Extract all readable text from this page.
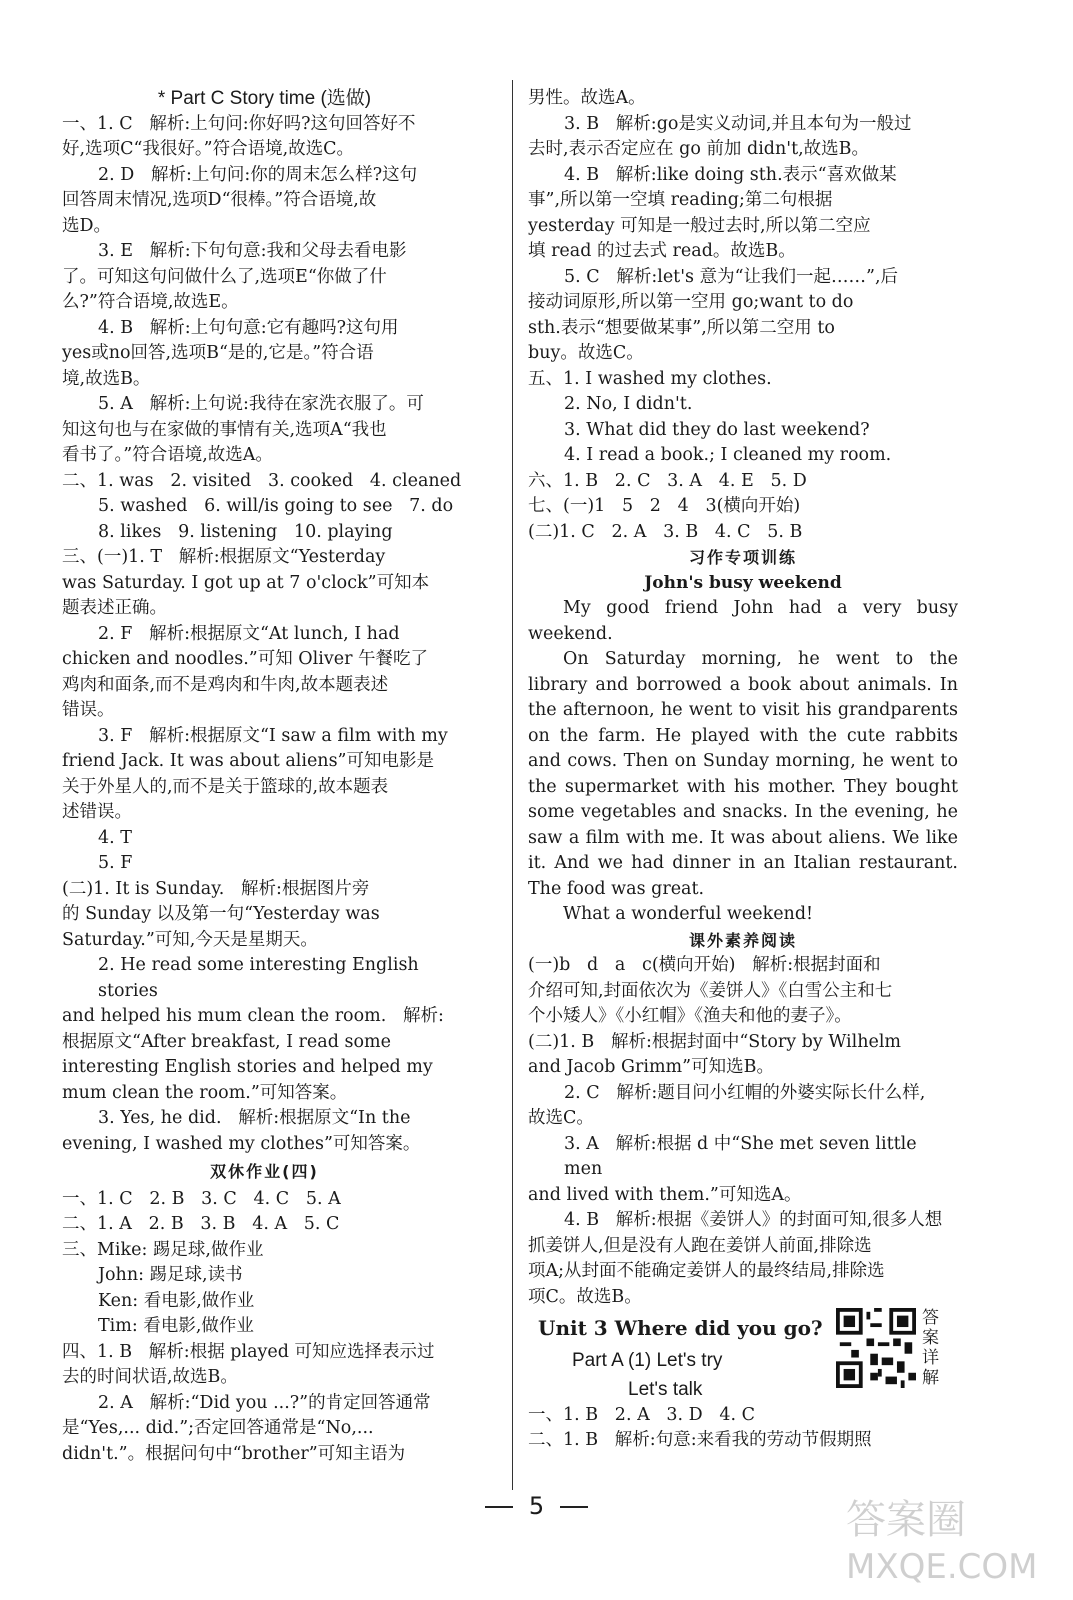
* Part C Story time (选做)
一、1. C   解析:上句问:你好吗?这句回答好不
好,选项C“我很好。”符合语境,故选C。
2. D   解析:上句问:你的周末怎么样?这句
回答周末情况,选项D“很棒。”符合语境,故
选D。
3. E   解析:下句句意:我和父母去看电影
了。可知这句问做什么了,选项E“你做了什
么?”符合语境,故选E。
4. B   解析:上句句意:它有趣吗?这句用
yes或no回答,选项B“是的,它是。”符合语
境,故选B。
5. A   解析:上句说:我待在家洗衣服了。可
知这句也与在家做的事情有关,选项A“我也
看书了。”符合语境,故选A。
二、1. was   2. visited   3. cooked   4. cleaned
5. washed   6. will/is going to see   7. do
8. likes   9. listening   10. playing
三、(一)1. T   解析:根据原文“Yesterday
was Saturday. I got up at 7 o'clock”可知本
题表述正确。
2. F   解析:根据原文“At lunch, I had
chicken and noodles.”可知 Oliver 午餐吃了
鸡肉和面条,而不是鸡肉和牛肉,故本题表述
错误。
3. F   解析:根据原文“I saw a film with my
friend Jack. It was about aliens”可知电影是
关于外星人的,而不是关于篮球的,故本题表
述错误。
4. T
5. F
(二)1. It is Sunday.   解析:根据图片旁
的 Sunday 以及第一句“Yesterday was
Saturday.”可知,今天是星期天。
2. He read some interesting English stories
and helped his mum clean the room.   解析:
根据原文“After breakfast, I read some
interesting English stories and helped my
mum clean the room.”可知答案。
3. Yes, he did.   解析:根据原文“In the
evening, I washed my clothes”可知答案。
双休作业(四)
一、1. C   2. B   3. C   4. C   5. A
二、1. A   2. B   3. B   4. A   5. C
三、Mike: 踢足球,做作业
John: 踢足球,读书
Ken: 看电影,做作业
Tim: 看电影,做作业
四、1. B   解析:根据 played 可知应选择表示过
去的时间状语,故选B。
2. A   解析:“Did you ...?”的肯定回答通常
是“Yes,... did.”;否定回答通常是“No,...
didn't.”。根据问句中“brother”可知主语为
男性。故选A。
3. B   解析:go是实义动词,并且本句为一般过
去时,表示否定应在 go 前加 didn't,故选B。
4. B   解析:like doing sth.表示“喜欢做某
事”,所以第一空填 reading;第二句根据
yesterday 可知是一般过去时,所以第二空应
填 read 的过去式 read。故选B。
5. C   解析:let's 意为“让我们一起……”,后
接动词原形,所以第一空用 go;want to do
sth.表示“想要做某事”,所以第二空用 to
buy。故选C。
五、1. I washed my clothes.
2. No, I didn't.
3. What did they do last weekend?
4. I read a book.; I cleaned my room.
六、1. B   2. C   3. A   4. E   5. D
七、(一)1   5   2   4   3(横向开始)
(二)1. C   2. A   3. B   4. C   5. B
习作专项训练
John's busy weekend
My good friend John had a very busy weekend.
On Saturday morning, he went to the library and borrowed a book about animals. In the afternoon, he went to visit his grandparents on the farm. He played with the cute rabbits and cows. Then on Sunday morning, he went to the supermarket with his mother. They bought some vegetables and snacks. In the evening, he saw a film with me. It was about aliens. We like it. And we had dinner in an Italian restaurant. The food was great.
What a wonderful weekend!
课外素养阅读
(一)b   d   a   c(横向开始)   解析:根据封面和
介绍可知,封面依次为《姜饼人》《白雪公主和七
个小矮人》《小红帽》《渔夫和他的妻子》。
(二)1. B   解析:根据封面中“Story by Wilhelm
and Jacob Grimm”可知选B。
2. C   解析:题目问小红帽的外婆实际长什么样,
故选C。
3. A   解析:根据 d 中“She met seven little men
and lived with them.”可知选A。
4. B   解析:根据《姜饼人》的封面可知,很多人想
抓姜饼人,但是没有人跑在姜饼人前面,排除选
项A;从封面不能确定姜饼人的最终结局,排除选
项C。故选B。
Unit 3 Where did you go?
Part A (1) Let's try
Let's talk
一、1. B   2. A   3. D   4. C
二、1. B   解析:句意:来看我的劳动节假期照
答案详解
5	答案圈
MXQE.COM
